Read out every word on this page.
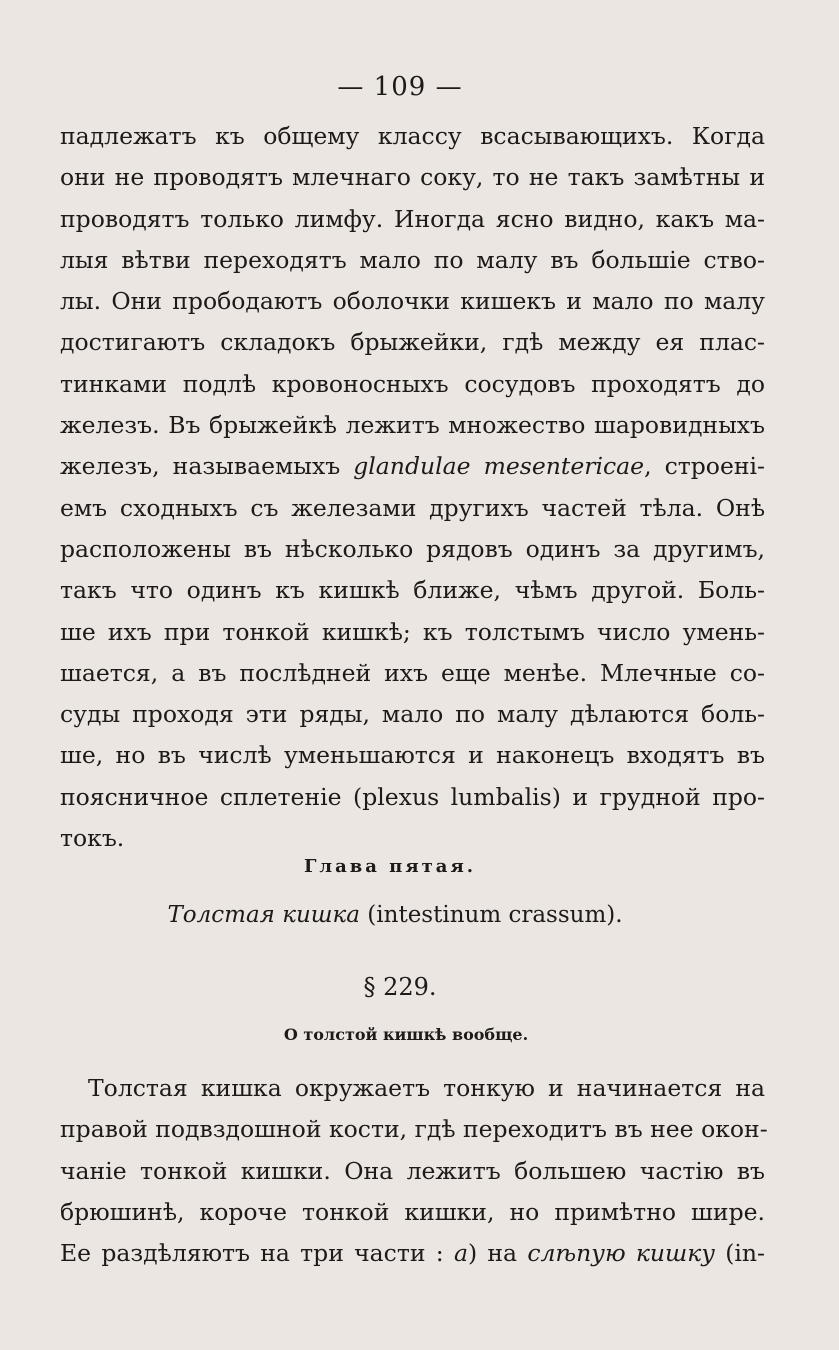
— 109 —
падлежатъ къ общему классу всасывающихъ. Когда
они не проводятъ млечнаго соку, то не такъ замѣтны и
проводятъ только лимфу. Иногда ясно видно, какъ ма-
лыя вѣтви переходятъ мало по малу въ большіе ство-
лы. Они прободаютъ оболочки кишекъ и мало по малу
достигаютъ складокъ брыжейки, гдѣ между ея плас-
тинками подлѣ кровоносныхъ сосудовъ проходятъ до
железъ. Въ брыжейкѣ лежитъ множество шаровидныхъ
железъ, называемыхъ glandulae mesentericae, строені-
емъ сходныхъ съ железами другихъ частей тѣла. Онѣ
расположены въ нѣсколько рядовъ одинъ за другимъ,
такъ что одинъ къ кишкѣ ближе, чѣмъ другой. Боль-
ше ихъ при тонкой кишкѣ; къ толстымъ число умень-
шается, а въ послѣдней ихъ еще менѣе. Млечные со-
суды проходя эти ряды, мало по малу дѣлаются боль-
ше, но въ числѣ уменьшаются и наконецъ входятъ въ
поясничное сплетеніе (plexus lumbalis) и грудной про-
токъ.
Глава пятая.
Толстая кишка (intestinum crassum).
§ 229.
О толстой кишкѣ вообще.
Толстая кишка окружаетъ тонкую и начинается на
правой подвздошной кости, гдѣ переходитъ въ нее окон-
чаніе тонкой кишки. Она лежитъ большею частію въ
брюшинѣ, короче тонкой кишки, но примѣтно шире.
Ее раздѣляютъ на три части : a) на слѣпую кишку (in-
